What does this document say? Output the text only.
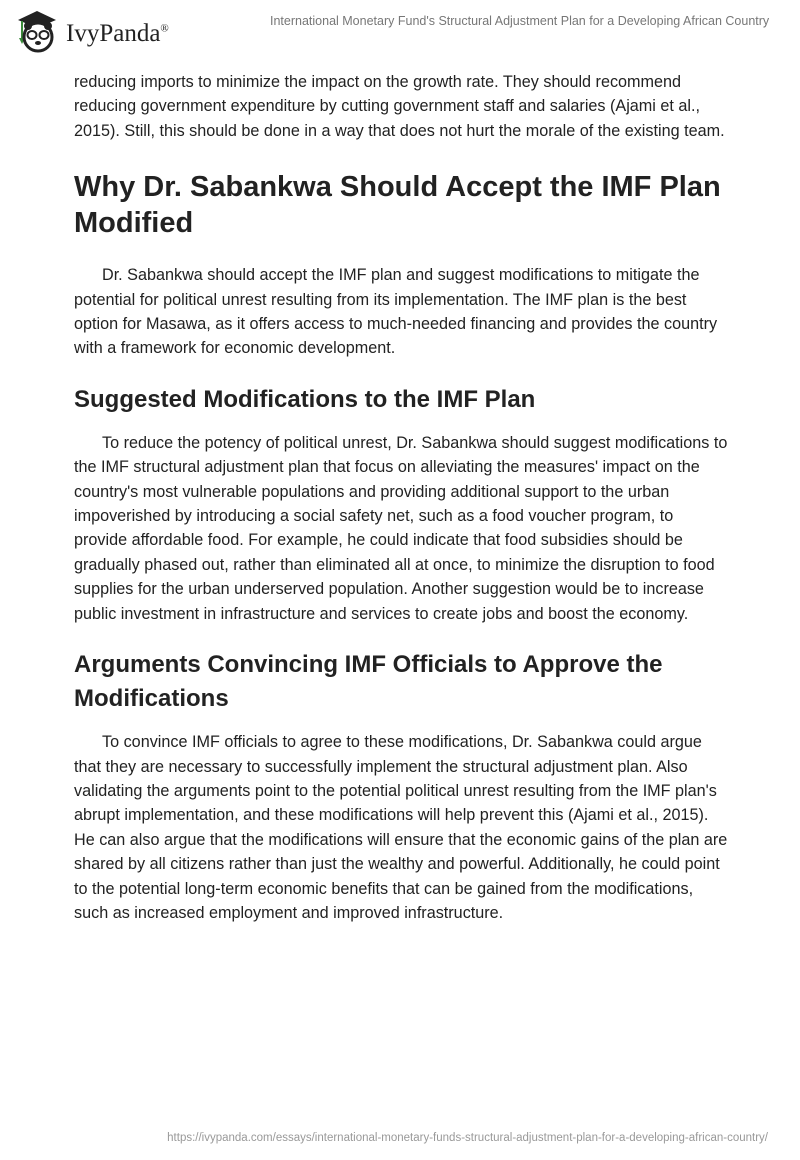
IvyPanda®
International Monetary Fund's Structural Adjustment Plan for a Developing African Country

reducing imports to minimize the impact on the growth rate. They should recommend reducing government expenditure by cutting government staff and salaries (Ajami et al., 2015). Still, this should be done in a way that does not hurt the morale of the existing team.

Why Dr. Sabankwa Should Accept the IMF Plan Modified

Dr. Sabankwa should accept the IMF plan and suggest modifications to mitigate the potential for political unrest resulting from its implementation. The IMF plan is the best option for Masawa, as it offers access to much-needed financing and provides the country with a framework for economic development.

Suggested Modifications to the IMF Plan

To reduce the potency of political unrest, Dr. Sabankwa should suggest modifications to the IMF structural adjustment plan that focus on alleviating the measures' impact on the country's most vulnerable populations and providing additional support to the urban impoverished by introducing a social safety net, such as a food voucher program, to provide affordable food. For example, he could indicate that food subsidies should be gradually phased out, rather than eliminated all at once, to minimize the disruption to food supplies for the urban underserved population. Another suggestion would be to increase public investment in infrastructure and services to create jobs and boost the economy.

Arguments Convincing IMF Officials to Approve the Modifications

To convince IMF officials to agree to these modifications, Dr. Sabankwa could argue that they are necessary to successfully implement the structural adjustment plan. Also validating the arguments point to the potential political unrest resulting from the IMF plan's abrupt implementation, and these modifications will help prevent this (Ajami et al., 2015). He can also argue that the modifications will ensure that the economic gains of the plan are shared by all citizens rather than just the wealthy and powerful. Additionally, he could point to the potential long-term economic benefits that can be gained from the modifications, such as increased employment and improved infrastructure.

https://ivypanda.com/essays/international-monetary-funds-structural-adjustment-plan-for-a-developing-african-country/
